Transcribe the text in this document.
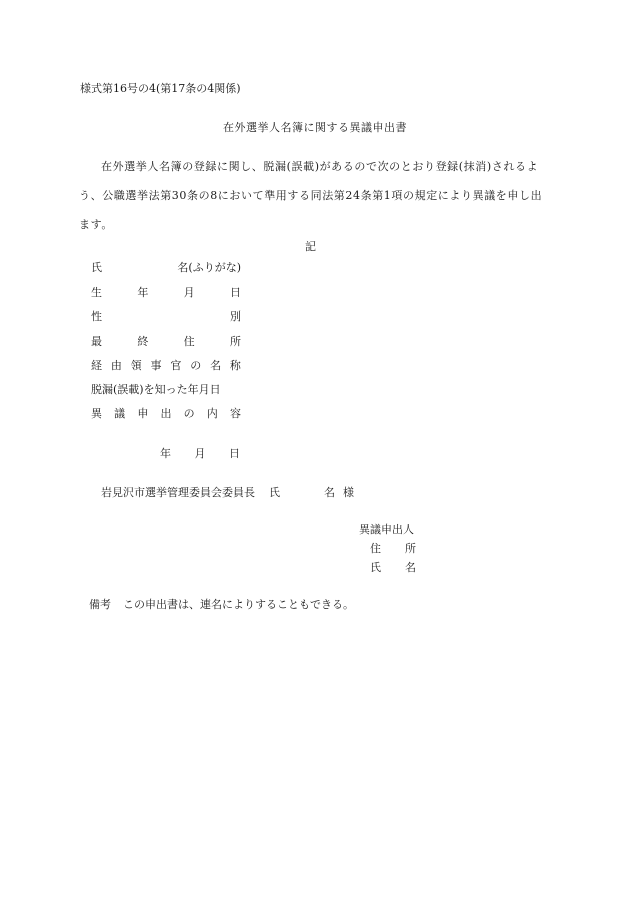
様式第16号の4(第17条の4関係)
在外選挙人名簿に関する異議申出書
在外選挙人名簿の登録に関し、脱漏(誤載)があるので次のとおり登録(抹消)されるよ
う、公職選挙法第30条の8において準用する同法第24条第1項の規定により異議を申し出
ます。
記
氏	名(ふりがな)
生	年	月	日
性	別
最	終	住	所
経 由 領 事 官 の 名 称
脱漏(誤載)を知った年月日
異 議 申 出 の 内 容
年 月 日
岩見沢市選挙管理委員会委員長 氏	名 様
異議申出人
住 所
氏 名
備考 この申出書は、連名によりすることもできる。
